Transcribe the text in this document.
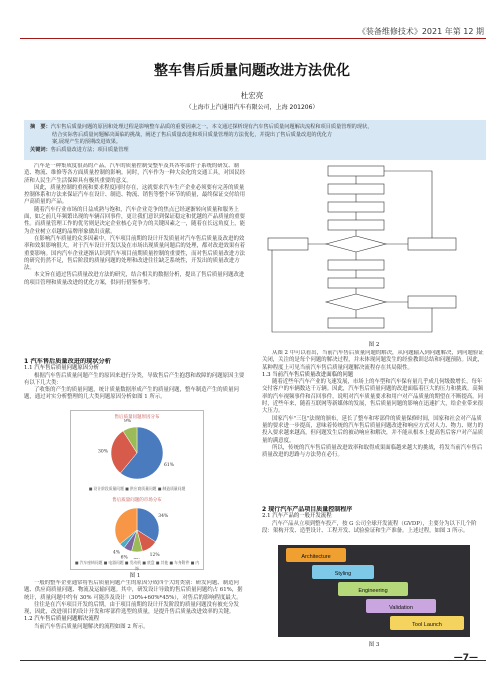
《装备维修技术》2021 年第 12 期
整车售后质量问题改进方法优化
杜宏亮
（上海市上汽通用汽车有限公司，上海 201206）
摘　要：汽车售后质量问题的原因和处理过程是影响整车品质的重要因素之一。本文通过探析现有汽车售后质量问题解决流程和项目质量管理的现状，
结合实际售后质量问题解决面临的挑战，阐述了售后质量改进和项目质量管理的方法优化，并提出了售后质量改进的优化方
案,展现产生的预期改进效果。
关键词：售后质量改进方法；项目质量管理

汽车是一种集成度很高的产品，汽车的质量控制受整车及其各零部件子系统的研发、制造、物流、维修等各方面质量控制的影响。同时，汽车作为一种大众化的交通工具，对国民经济和人民生产生活保障具有极其重要的意义。

因此，质量控制的重视和要求程度同时存在，这就要求汽车生产企业必须要有完善的质量控制体系和方法来保证汽车在设计、制造、物流、销售等整个环节的质量，最终保证交付给用户高质量的产品。

随着汽车行业市场的日益成熟与饱和，汽车企业竞争的焦点已经逐渐转向质量和服务上面，如之前几年频繁出现的车辆召回事件，更让我们意识到保证稳定和优越的产品质量的重要性。而质量管理工作的优劣则是决定企业核心竞争力的关键因素之一，随着在长远角度上，能为企业树立卓越的品牌形象做出贡献。

在影响汽车质量的众多因素中，汽车项目前期的设计开发质量对汽车售后质量及改进的效率和效果影响很大，对于汽车设计开发以及在市场出现质量问题后的处理，都对改进效果有着重要影响。国内汽车企业逐渐认识到汽车项目前期质量控制的重要性，而对售后质量改进方法的研究仍然不足，售后阶段的质量问题的处理和改进往往缺乏系统性，开发出的质量改进方法。

本文旨在通过售后质量改进方法的研究，结合相关的数据分析，提出了售后质量问题改进的项目管理和质量改进的优化方案，供同行借鉴参考。

1 汽车售后质量改进的现状分析

1.1 汽车售后质量问题原因分析

根据汽车售后质量问题产生的原因来进行分类，导致售后产生抱怨和故障的问题原因主要有以下几大类：

了收集的产生的质量问题，统计质量数据形成产生的质量问题，整车制造产生的质量问题，通过对实分析整理的几大类问题原因分析如图 1 所示。

售后质量问题原因分布
61%
30%
9%
■ 设计阶段质量问题 ■ 供应商质量问题 ■ 制造质量问题
售后质量问题的市场分布
34%
12%
6%
4%
■ 汽车座椅问题 ■ 电器问题 ■ 发动机 ■ 底盘 ■ 其他 ■ 车身附件 ■ 内饰
图 1

一般的整车企业通常将售后质量问题产生的原因分成四个大的类别：研发问题、制造问题、供应商质量问题、物流及运输问题。其中，研发设计导致的售后质量问题约占 61%，据统计，质量问题中约有 30% 可能涉及设计（30%+60%*45%），对售后的影响程度最大。

往往是在汽车项目开发的后期，由于项目前期的设计开发阶段的质量问题没有被充分发现，因此，改进项目的设计开发和零部件选型的质量，是提升售后质量改进效率的关键。

1.2 汽车售后质量问题解决流程

当前汽车售后质量问题解决的流程如图 2 所示。

图 2

从图 2 中可以看出，当前汽车售后质量问题的解决，从问题输入到问题解决，到问题验证关闭，关注的是每个问题的解决过程，并未体现问题发生的经验教训总结和问题预防。因此，某种程度上可见当前汽车售后质量问题解决流程存在其局限性。

1.3 当前汽车售后质量改进面临的问题

随着近些年汽车产业的飞速发展，市场上的车型和汽车保有量几乎成几何级数增长，每年交付客户的车辆数达千万辆。因此，汽车售后质量问题的改进面临着巨大的压力和挑战。高频率的汽车视频事件和召回事件，说明对汽车质量要求和用户对产品质量的期望在不断提高。同时，近些年来，随着互联网等新媒体的发展，售后质量问题的影响在迅速扩大，给企业带来很大压力。

国家汽车"三包"法规的颁布，延长了整车和零部件的质量保修时间，国家和社会对产品质量的要求进一步提高，意味着传统的汽车售后质量问题改进和响应方式对人力、物力、财力的投入要求越来越高，但问题发生后的被动响应和解决，并不能从根本上提高售后客户对产品质量的满意度。

所以，传统的汽车售后质量改进效率和取得成果面临越来越大的挑战，将发当前汽车售后质量改进的思路与方法势在必行。

2 现行汽车产品项目质量控制程序

2.1 汽车产品的一般开发流程

汽车产品从立项到整车投产，按 G 公司全球开发流程（GVDP），主要分为以下几个阶段：架构开发、造型设计、工程开发、试验验证和生产准备。上述过程，如图 3 所示。

Architecture
Styling
Engineering
Validation
Tool Launch
图 3
—7—
